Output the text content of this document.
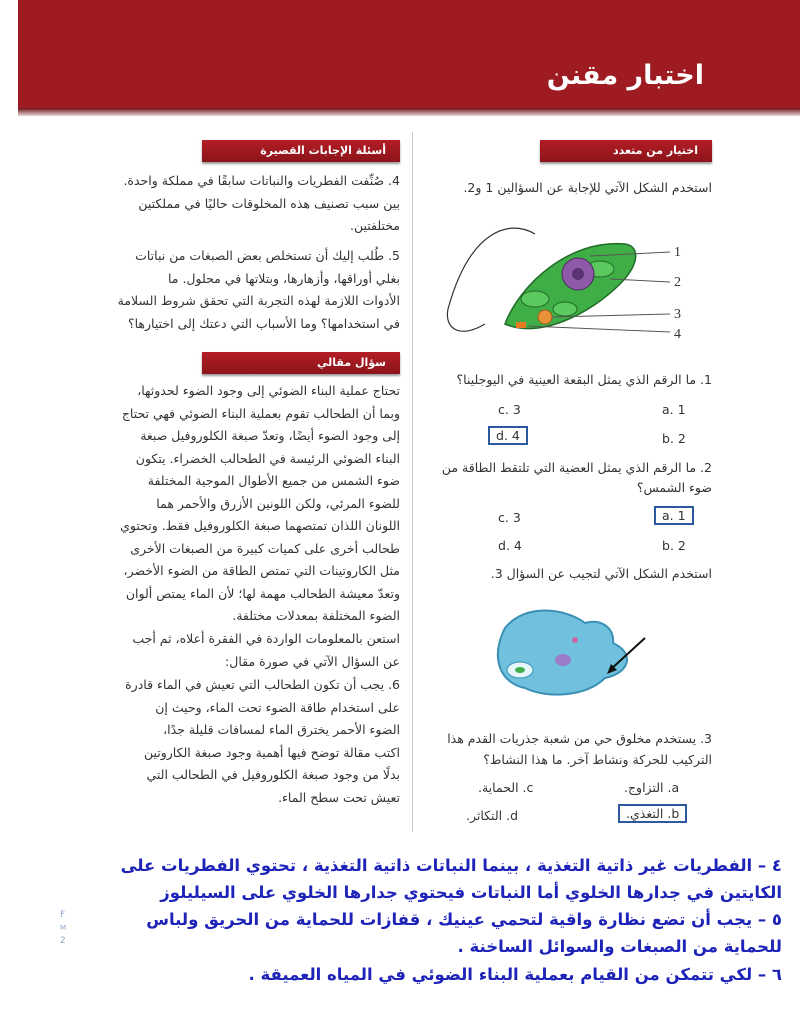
اختبار مقنن
أسئلة الإجابات القصيرة
4. صُنِّفت الفطريات والنباتات سابقًا في مملكة واحدة.
بين سبب تصنيف هذه المخلوقات حاليًا في مملكتين
مختلفتين.
5. طُلب إليك أن تستخلص بعض الصبغات من نباتات
بغلي أوراقها، وأزهارها، وبتلاتها في محلول. ما
الأدوات اللازمة لهذه التجربة التي تحقق شروط السلامة
في استخدامها؟ وما الأسباب التي دعتك إلى اختيارها؟
سؤال مقالي
تحتاج عملية البناء الضوئي إلى وجود الضوء لحدوثها،
وبما أن الطحالب تقوم بعملية البناء الضوئي فهي تحتاج
إلى وجود الضوء أيضًا، وتعدّ صبغة الكلوروفيل صبغة
البناء الضوئي الرئيسة في الطحالب الخضراء. يتكون
ضوء الشمس من جميع الأطوال الموجية المختلفة
للضوء المرئي، ولكن اللونين الأزرق والأحمر هما
اللونان اللذان تمتصهما صبغة الكلوروفيل فقط. وتحتوي
طحالب أخرى على كميات كبيرة من الصبغات الأخرى
مثل الكاروتينات التي تمتص الطاقة من الضوء الأخضر،
وتعدّ معيشة الطحالب مهمة لها؛ لأن الماء يمتص ألوان
الضوء المختلفة بمعدلات مختلفة.
استعن بالمعلومات الواردة في الفقرة أعلاه، ثم أجب
عن السؤال الآتي في صورة مقال:
6. يجب أن تكون الطحالب التي تعيش في الماء قادرة
على استخدام طاقة الضوء تحت الماء، وحيث إن
الضوء الأحمر يخترق الماء لمسافات قليلة جدًا،
اكتب مقالة توضح فيها أهمية وجود صبغة الكاروتين
بدلًا من وجود صبغة الكلوروفيل في الطحالب التي
تعيش تحت سطح الماء.
اختيار من متعدد
استخدم الشكل الآتي للإجابة عن السؤالين 1 و2.
1
2
3
4
1. ما الرقم الذي يمثل البقعة العينية في اليوجلينا؟
1 .a
3 .c
2 .b
4 .d
2. ما الرقم الذي يمثل العضية التي تلتقط الطاقة من
ضوء الشمس؟
1 .a
3 .c
2 .b
4 .d
استخدم الشكل الآتي لتجيب عن السؤال 3.
3. يستخدم مخلوق حي من شعبة جذريات القدم هذا
التركيب للحركة ونشاط آخر. ما هذا النشاط؟
a. التزاوج.
c. الحماية.
b. التغذي.
d. التكاثر.
F
M
2
٤ – الفطريات غير ذاتية التغذية ، بينما النباتات ذاتية التغذية ، تحتوي الفطريات على
الكايتين في جدارها الخلوي أما النباتات فيحتوي جدارها الخلوي على السيليلوز
٥ – يجب أن تضع نظارة واقية لتحمي عينيك ، قفازات للحماية من الحريق ولباس
للحماية من الصبغات والسوائل الساخنة .
٦ – لكي تتمكن من القيام بعملية البناء الضوئي في المياه العميقة .
